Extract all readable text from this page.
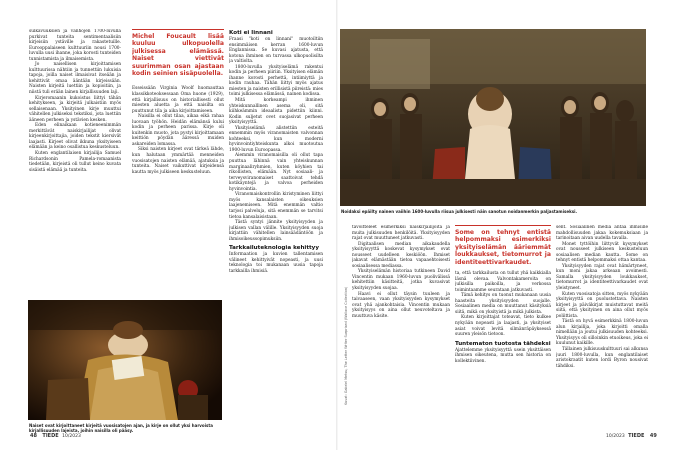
sulkavuuksien ja vanhojen 1700-luvulla purkivat tunteita sentimentaalisiin kirjeisiin ystäville ja rakastetuille. Eurooppalaiseen kulttuuriin nousi 1700-luvulla uusi ihanne, joka korosti tunteiden tunnistamista ja ilmaisemista.

Jo naisellisen kirjoittamisen kulttuurissa nähtiin ja tunnettiin lukuisia tapoja, joilla naiset ilmaisivat itseään ja kehittivät omaa ääntään kirjeissään. Naisten kirjeitä luettiin ja kopioitiin, ja niistä tuli erään lainen kirjallisuuden laji.

Kirjeromaanin kukoistus liittyi tähän kehitykseen, ja kirjeitä julkaistiin myös sellaisenaan. Yksityinen kirje muuttui vähitellen julkiseksi tekstiksi, jota luettiin ääneen perheen ja ystävien kesken.

Eden elinaikaan kotieneenimmän merkittävät naiskirjailijat olivat kirjeenkirjoittajia, joiden tekstit kiersivät laajasti. Kirjeet olivat ikkuna yksityiseen elämään ja keino osallistua keskusteluun.

Kuten englantilaisen kirjailija Samuel Richardsonin Pamela-romaanista tiedetään, kirjeistä oli tullut keino kuvata sisäistä elämää ja tunteita.

Naiset ovat kirjoittaneet kirjeitä vuosisatojen ajan, ja kirje on ollut yksi harvoista kirjallisuuden lajeista, joihin naisilla oli pääsy.
Michel Foucault lisää kuuluu ulkopuolella julkisessa elämässä. Naiset viettivät suurimman osan ajastaan kodin seinien sisäpuolella.

Esseissään Virginia Woolf huomauttaa klassikkoteoksessaan Oma huone (1929), että kirjallisuus on historiallisesti ollut miesten aluetta ja että naisilta on puuttunut tila ja aika kirjoittamiseen.

Naisilla ei ollut tilaa, aikaa eikä rahaa luovaan työhön. Heidän elämänsä kului kodin ja perheen parissa. Kirje oli kuitenkin muoto, jota pystyi kirjoittamaan keittiön pöydän ääressä muiden askareiden lomassa.

Siksi naisten kirjeet ovat tärkeä lähde, kun halutaan ymmärtää menneiden vuosisatojen naisten elämää, ajatuksia ja tunteita. Naiset vaikuttivat kirjeidensä kautta myös julkiseen keskusteluun.

Koti ei linnani

Fraasi "koti on linnani" muotoiltiin ensimmäisen kerran 1600-luvun Englannissa. Se kuvasi ajatusta, että kotona ihminen on turvassa ulkopuolisilta ja valtiolta.

1800-luvulla yksityiselämä rakentui kodin ja perheen piiriin. Yksityisen elämän ihanne korosti perhettä, intiimiyttä ja kodin rauhaa. Tähän liittyi myös ajatus miesten ja naisten erillisistä piireistä: mies toimi julkisessa elämässä, nainen kodissa.

Mitä korkeampi ihminen yhteiskunnallinen asema oli, sitä kiihkeämmin ideaalista pidettiin kiinni. Kodin suljetut ovet suojasivat perheen yksityisyyttä.

Yksityiselämä alistettiin esteitä ennemmin myös viranomaisten valvonnan kohteeksi, kun moderni hyvinvointiyhteiskunta alkoi muotoutua 1900-luvun Euroopassa.

Aiemmin viranomaisilla oli ollut tapa puuttua lähinnä vain yhteiskunnan marginaaliryhmien, kuten köyhien tai rikollisten, elämään. Nyt sosiaali- ja terveysviranomaiset saattoivat tehdä kotikäyntejä ja valvoa perheiden hyvinvointia.

Viranomaiskontrollin kiristyminen liittyi myös kansalaisten oikeuksien laajenemiseen. Mitä enemmän valtio tarjosi palveluja, sitä enemmän se tarvitsi tietoa kansalaisistaan.

Tästä syntyi jännite yksityisyyden ja julkisen vallan välille. Yksityisyyden suoja kirjattiin vähitellen lainsäädäntöön ja ihmisoikeussopimuksiin.

Tarkkailuteknologia kehittyy

Informaation ja kuvien tallentamisen välineet kehittyivät nopeasti, ja uusi teknologia toi mukanaan uusia tapoja tarkkailla ihmisiä.

Noidaksi epäilty nainen vaiihin 1600-luvulla riisua julkisesti näin sanotun noidanmerkin paljastamiseksi.
Kuvat: Gabriel Metsu, The Letter Writer Surprised (Wallace Collection)

tavoitteleet esimerkiksi naiskirjailijoita ja muita julkisuuden henkilöitä. Yksityisyyden rajat ovat muuttuneet jatkuvasti.

Digitaalisen median aikakaudella yksityisyyttä koskevat kysymykset ovat nousseet uudelleen keskiöön. Ihmiset jakavat elämästään tietoa vapaaehtoisesti sosiaalisessa mediassa.

Yksityiselämän historiaa tutkineen David Vincentin mukaan 1960-luvun puolivälissä kehitettiin käsitteitä, jotka kuvasivat yksityisyyden suojaa.

Haavi ei ollut täysin tuuleen ja taivaaseen, vaan yksityisyyden kysymykset ovat yhä ajankohtaisia. Vincentin mukaan yksityisyys on aina ollut neuvoteltava ja muuttuva käsite.

Some on tehnyt entistä helpommaksi esimerkiksi yksityiselämän ääriemmät loukkaukset, tietomurrot ja identiteettivarkaudet.

ta, että tarkkailusta on tullut yhä kaikkialla läsnä olevaa. Valvontakameroita on julkisilla paikoilla, ja verkossa toimintaamme seurataan jatkuvasti.

Tämä kehitys on tuonut mukanaan uusia haasteita yksityisyyden suojalle. Sosiaalinen media on muuttanut käsityksiä siitä, mikä on yksityistä ja mikä julkista.

Kuten kirjoittajat toteavat, tieto kulkee nykyään nopeasti ja laajasti, ja yksityiset asiat voivat levitä silmänräpäyksessä suuren yleisön tietoon.

Tuntematon tuotosta tähdeksi

Ajattelemme yksityisyyttä usein yksittäisen ihmisen oikeutena, mutta sen historia on kollektiivinen.

sent. Sosiaalinen media antaa ihmisille mahdollisuuden jakaa kokemuksiaan ja tarinoitaan aivan uudella tavalla.

Monet tyttöihin liittyvät kysymykset ovat nousseet julkiseen keskusteluun sosiaalisen median kautta. Some on tehnyt entistä helpommaksi ottaa kantaa.

Yksityisyyden rajat ovat hämärtyneet, kun moni jakaa arkeaan avoimesti. Samalla yksityisyyden loukkaukset, tietomurrot ja identiteettivarkaudet ovat yleistyneet.

Kuten vuosisatoja sitten, myös nykyään yksityisyyttä on puolustettava. Naisten kirjeet ja päiväkirjat muistuttavat meitä siitä, että yksityinen on aina ollut myös poliittista.

Tästä on hyvä esimerkkinä 1800-luvun alun kirjailija, joka kirjoitti omalla nimellään ja joutui julkisuuden kohteeksi. Yksityisyys oli silloinkin etuoikeus, joka ei kuulunut kaikille.

Tällainen julkisuuskulttuuri sai alkunsa juuri 1800-luvulla, kun englantilaiset aristokraatit kuten lordi Byron nousivat tähdiksi.

48 TIEDE 10/2023	10/2023 TIEDE 49
